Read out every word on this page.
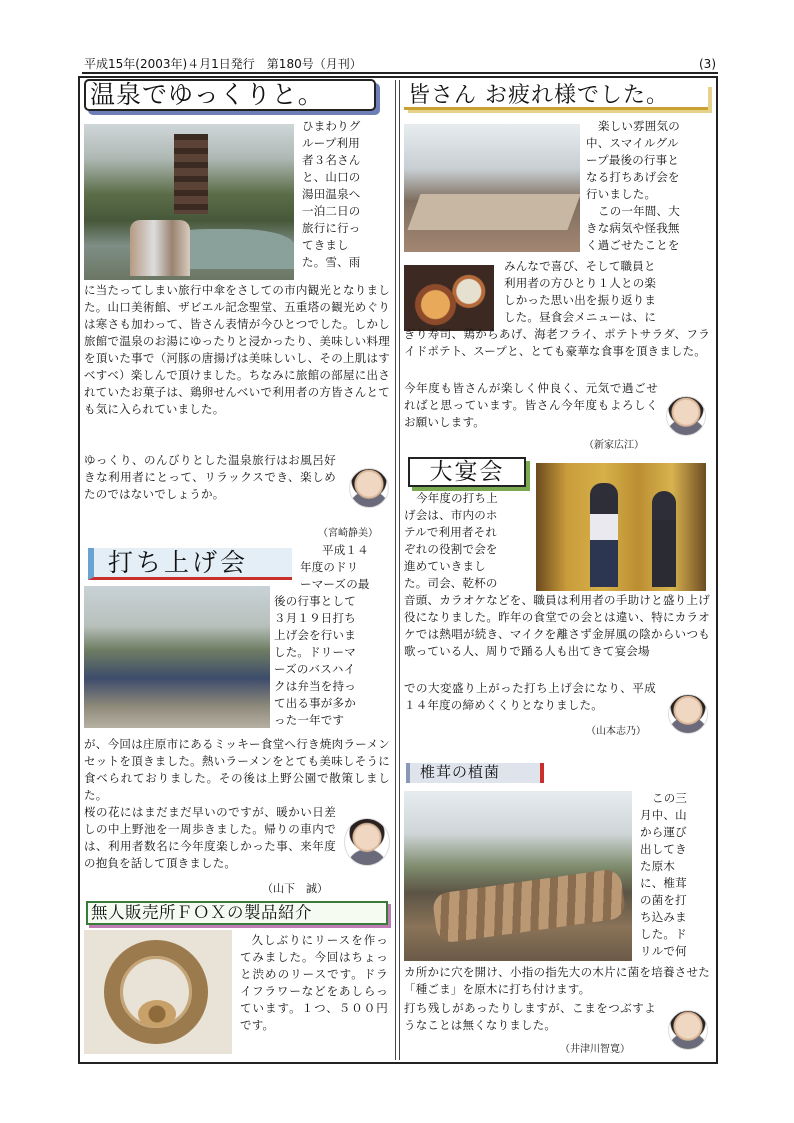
平成15年(2003年)４月1日発行　第180号（月刊）	(3)
温泉でゆっくりと。

ひまわりグ

ループ利用

者３名さん

と、山口の

湯田温泉へ

一泊二日の

旅行に行っ

てきまし

た。雪、雨

に当たってしまい旅行中傘をさしての市内観光となりました。山口美術館、ザビエル記念聖堂、五重塔の観光めぐりは寒さも加わって、皆さん表情が今ひとつでした。しかし旅館で温泉のお湯にゆったりと浸かったり、美味しい料理を頂いた事で（河豚の唐揚げは美味しいし、その上肌はすべすべ）楽しんで頂けました。ちなみに旅館の部屋に出されていたお菓子は、鶏卵せんべいで利用者の方皆さんとても気に入られていました。

ゆっくり、のんびりとした温泉旅行はお風呂好きな利用者にとって、リラックスでき、楽しめたのではないでしょうか。

（宮崎静美）
打ち上げ会	平成１４

年度のドリ

ーマーズの最

後の行事として

３月１９日打ち

上げ会を行いま

した。ドリーマ

ーズのバスハイ

クは弁当を持っ

て出る事が多か

った一年です

が、今回は庄原市にあるミッキー食堂へ行き焼肉ラーメンセットを頂きました。熱いラーメンをとても美味しそうに食べられておりました。その後は上野公園で散策しました。

桜の花にはまだまだ早いのですが、暖かい日差しの中上野池を一周歩きました。帰りの車内では、利用者数名に今年度楽しかった事、来年度の抱負を話して頂きました。

（山下　誠）
無人販売所ＦＯＸの製品紹介

久しぶりにリースを作ってみました。今回はちょっと渋めのリースです。ドライフラワーなどをあしらっています。１つ、５００円です。

皆さん お疲れ様でした。

楽しい雰囲気の

中、スマイルグル

ープ最後の行事と

なる打ちあげ会を

行いました。

この一年間、大

きな病気や怪我無

く過ごせたことを

みんなで喜び、そして職員と

利用者の方ひとり１人との楽

しかった思い出を振り返りま

した。昼食会メニューは、に

ぎり寿司、鶏からあげ、海老フライ、ポテトサラダ、フライドポテト、スープと、とても豪華な食事を頂きました。

今年度も皆さんが楽しく仲良く、元気で過ごせればと思っています。皆さん今年度もよろしくお願いします。

（新家広江）
大宴会

今年度の打ち上

げ会は、市内のホ

テルで利用者それ

ぞれの役割で会を

進めていきまし

た。司会、乾杯の

音頭、カラオケなどを、職員は利用者の手助けと盛り上げ役になりました。昨年の食堂での会とは違い、特にカラオケでは熱唱が続き、マイクを離さず金屏風の陰からいつも歌っている人、周りで踊る人も出てきて宴会場

での大変盛り上がった打ち上げ会になり、平成１４年度の締めくくりとなりました。

（山本志乃）
椎茸の植菌

この三

月中、山

から運び

出してき

た原木

に、椎茸

の菌を打

ち込みま

した。ド

リルで何

カ所かに穴を開け、小指の指先大の木片に菌を培養させた「種ごま」を原木に打ち付けます。

打ち残しがあったりしますが、こまをつぶすようなことは無くなりました。

（井津川智寛）
